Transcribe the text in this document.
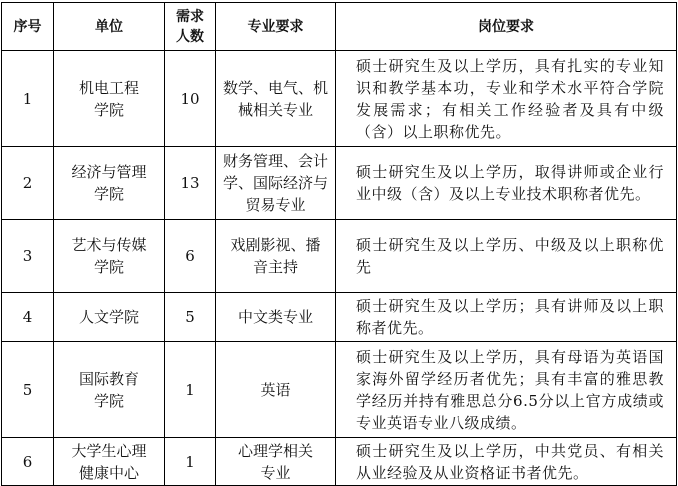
序号	单位	需求人数	专业要求	岗位要求
1	机电工程学院	10	数学、电气、机械相关专业	硕士研究生及以上学历，具有扎实的专业知识和教学基本功，专业和学术水平符合学院发展需求；有相关工作经验者及具有中级（含）以上职称优先。
2	经济与管理学院	13	财务管理、会计学、国际经济与贸易专业	硕士研究生及以上学历，取得讲师或企业行业中级（含）及以上专业技术职称者优先。
3	艺术与传媒学院	6	戏剧影视、播音主持	硕士研究生及以上学历、中级及以上职称优先
4	人文学院	5	中文类专业	硕士研究生及以上学历；具有讲师及以上职称者优先。
5	国际教育学院	1	英语	硕士研究生及以上学历，具有母语为英语国家海外留学经历者优先；具有丰富的雅思教学经历并持有雅思总分6.5分以上官方成绩或专业英语专业八级成绩。
6	大学生心理健康中心	1	心理学相关专业	硕士研究生及以上学历，中共党员、有相关从业经验及从业资格证书者优先。
